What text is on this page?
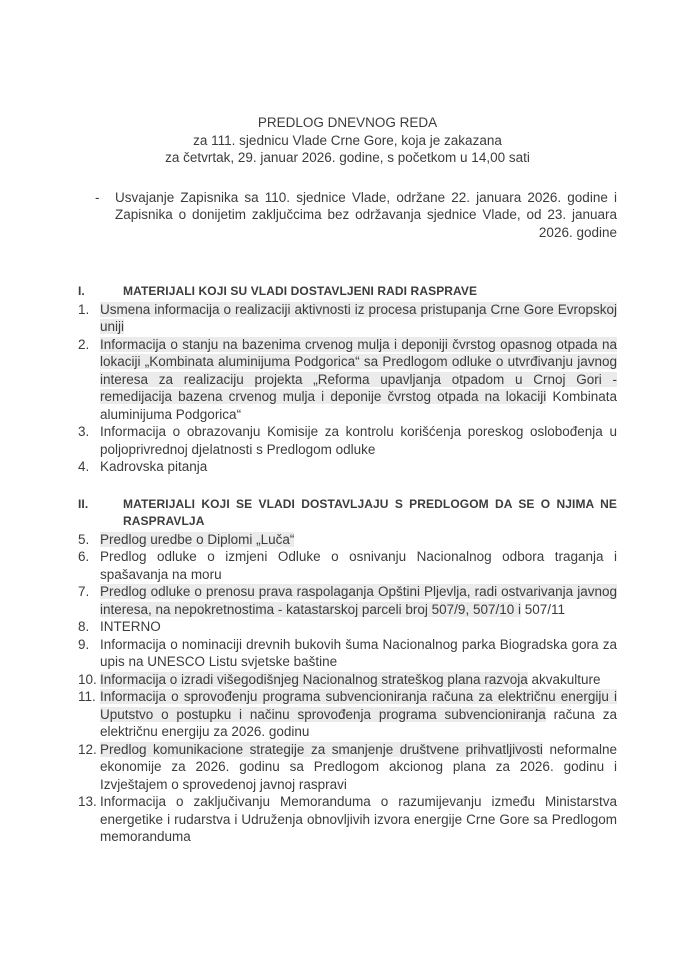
PREDLOG DNEVNOG REDA
za 111. sjednicu Vlade Crne Gore, koja je zakazana
za četvrtak, 29. januar 2026. godine, s početkom u 14,00 sati
- Usvajanje Zapisnika sa 110. sjednice Vlade, održane 22. januara 2026. godine i Zapisnika o donijetim zaključcima bez održavanja sjednice Vlade, od 23. januara 2026. godine
I.	MATERIJALI KOJI SU VLADI DOSTAVLJENI RADI RASPRAVE
1. Usmena informacija o realizaciji aktivnosti iz procesa pristupanja Crne Gore Evropskoj uniji
2. Informacija o stanju na bazenima crvenog mulja i deponiji čvrstog opasnog otpada na lokaciji „Kombinata aluminijuma Podgorica“ sa Predlogom odluke o utvrđivanju javnog interesa za realizaciju projekta „Reforma upavljanja otpadom u Crnoj Gori - remedijacija bazena crvenog mulja i deponije čvrstog otpada na lokaciji Kombinata aluminijuma Podgorica“
3. Informacija o obrazovanju Komisije za kontrolu korišćenja poreskog oslobođenja u poljoprivrednoj djelatnosti s Predlogom odluke
4. Kadrovska pitanja
II.	MATERIJALI KOJI SE VLADI DOSTAVLJAJU S PREDLOGOM DA SE O NJIMA NE RASPRAVLJA
5. Predlog uredbe o Diplomi „Luča“
6. Predlog odluke o izmjeni Odluke o osnivanju Nacionalnog odbora traganja i spašavanja na moru
7. Predlog odluke o prenosu prava raspolaganja Opštini Pljevlja, radi ostvarivanja javnog interesa, na nepokretnostima - katastarskoj parceli broj 507/9, 507/10 i 507/11
8. INTERNO
9. Informacija o nominaciji drevnih bukovih šuma Nacionalnog parka Biogradska gora za upis na UNESCO Listu svjetske baštine
10. Informacija o izradi višegodišnjeg Nacionalnog strateškog plana razvoja akvakulture
11. Informacija o sprovođenju programa subvencioniranja računa za električnu energiju i Uputstvo o postupku i načinu sprovođenja programa subvencioniranja računa za električnu energiju za 2026. godinu
12. Predlog komunikacione strategije za smanjenje društvene prihvatljivosti neformalne ekonomije za 2026. godinu sa Predlogom akcionog plana za 2026. godinu i Izvještajem o sprovedenoj javnoj raspravi
13. Informacija o zaključivanju Memoranduma o razumijevanju između Ministarstva energetike i rudarstva i Udruženja obnovljivih izvora energije Crne Gore sa Predlogom memoranduma
